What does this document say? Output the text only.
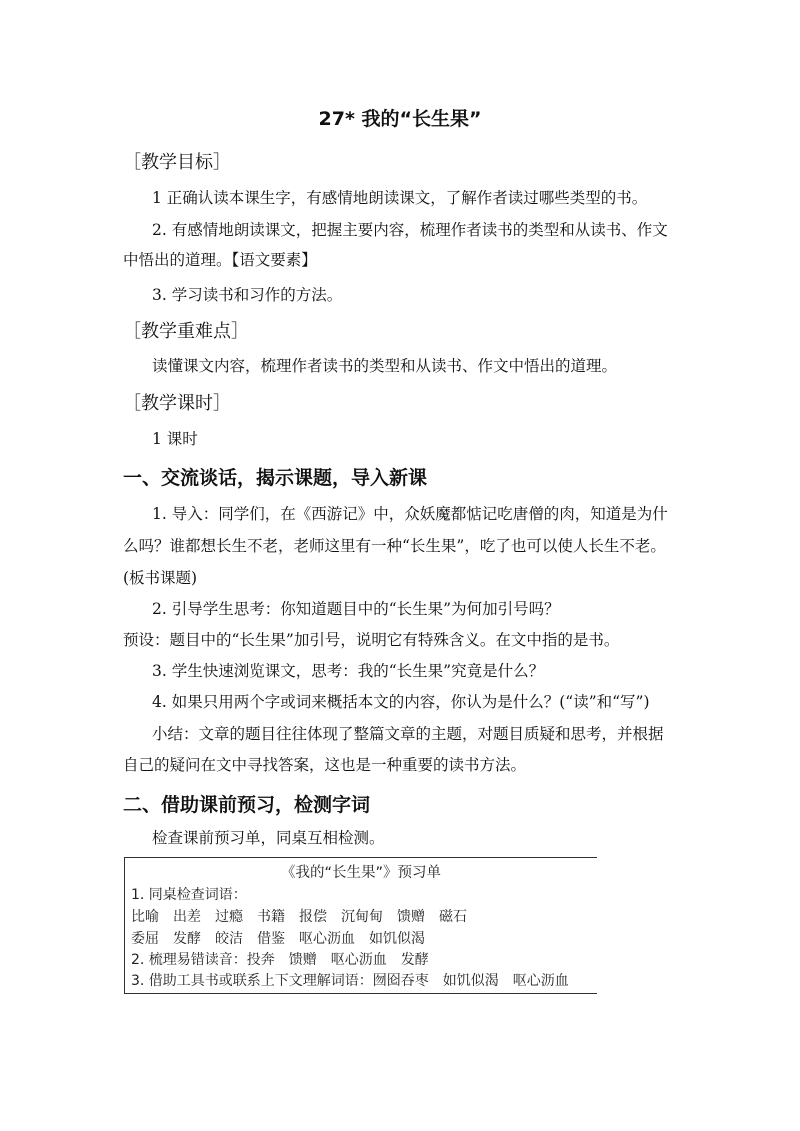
27* 我的“长生果”
［教学目标］
1 正确认读本课生字，有感情地朗读课文，了解作者读过哪些类型的书。
2. 有感情地朗读课文，把握主要内容，梳理作者读书的类型和从读书、作文
中悟出的道理。【语文要素】
3. 学习读书和习作的方法。
［教学重难点］
读懂课文内容，梳理作者读书的类型和从读书、作文中悟出的道理。
［教学课时］
1 课时
一、交流谈话，揭示课题，导入新课
1. 导入：同学们，在《西游记》中，众妖魔都惦记吃唐僧的肉，知道是为什
么吗？谁都想长生不老，老师这里有一种“长生果”，吃了也可以使人长生不老。
(板书课题)
2. 引导学生思考：你知道题目中的“长生果”为何加引号吗？
预设：题目中的“长生果”加引号，说明它有特殊含义。在文中指的是书。
3. 学生快速浏览课文，思考：我的“长生果”究竟是什么？
4. 如果只用两个字或词来概括本文的内容，你认为是什么？(“读”和“写”)
小结：文章的题目往往体现了整篇文章的主题，对题目质疑和思考，并根据
自己的疑问在文中寻找答案，这也是一种重要的读书方法。
二、借助课前预习，检测字词
检查课前预习单，同桌互相检测。
《我的“长生果”》预习单
1. 同桌检查词语：
比喻 出差 过瘾 书籍 报偿 沉甸甸 馈赠 磁石
委屈 发酵 皎洁 借鉴 呕心沥血 如饥似渴
2. 梳理易错读音：投奔　馈赠　呕心沥血　发酵
3. 借助工具书或联系上下文理解词语：囫囵吞枣　如饥似渴　呕心沥血
